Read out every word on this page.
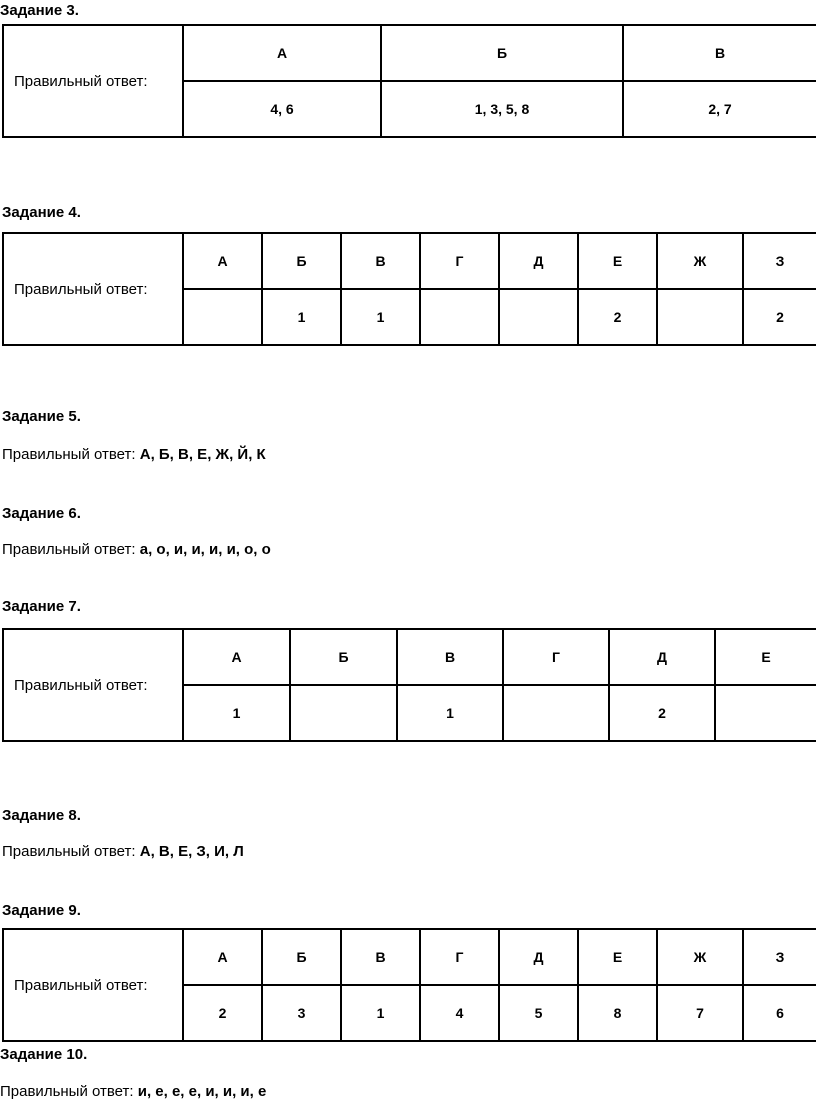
Задание 3.
Правильный ответ:	А	Б	В
	4, 6	1, 3, 5, 8	2, 7
Задание 4.
Правильный ответ:	А	Б	В	Г	Д	Е	Ж	З
		1	1			2		2
Задание 5.
Правильный ответ: А, Б, В, Е, Ж, Й, К
Задание 6.
Правильный ответ: а, о, и, и, и, и, о, о
Задание 7.
Правильный ответ:	А	Б	В	Г	Д	Е
	1		1		2	
Задание 8.
Правильный ответ: А, В, Е, З, И, Л
Задание 9.
Правильный ответ:	А	Б	В	Г	Д	Е	Ж	З
	2	3	1	4	5	8	7	6
Задание 10.
Правильный ответ: и, е, е, е, и, и, и, е
